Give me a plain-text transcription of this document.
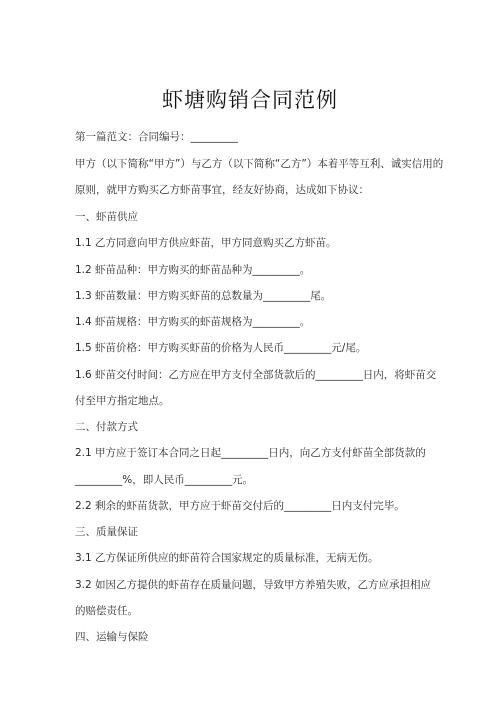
虾塘购销合同范例
第一篇范文：合同编号：_________
甲方（以下简称“甲方”）与乙方（以下简称“乙方”）本着平等互利、诚实信用的
原则，就甲方购买乙方虾苗事宜，经友好协商，达成如下协议：
一、虾苗供应
1.1 乙方同意向甲方供应虾苗，甲方同意购买乙方虾苗。
1.2 虾苗品种：甲方购买的虾苗品种为_________。
1.3 虾苗数量：甲方购买虾苗的总数量为_________尾。
1.4 虾苗规格：甲方购买的虾苗规格为_________。
1.5 虾苗价格：甲方购买虾苗的价格为人民币_________元/尾。
1.6 虾苗交付时间：乙方应在甲方支付全部货款后的_________日内，将虾苗交
付至甲方指定地点。
二、付款方式
2.1 甲方应于签订本合同之日起_________日内，向乙方支付虾苗全部货款的
_________%，即人民币_________元。
2.2 剩余的虾苗货款，甲方应于虾苗交付后的_________日内支付完毕。
三、质量保证
3.1 乙方保证所供应的虾苗符合国家规定的质量标准，无病无伤。
3.2 如因乙方提供的虾苗存在质量问题，导致甲方养殖失败，乙方应承担相应
的赔偿责任。
四、运输与保险
